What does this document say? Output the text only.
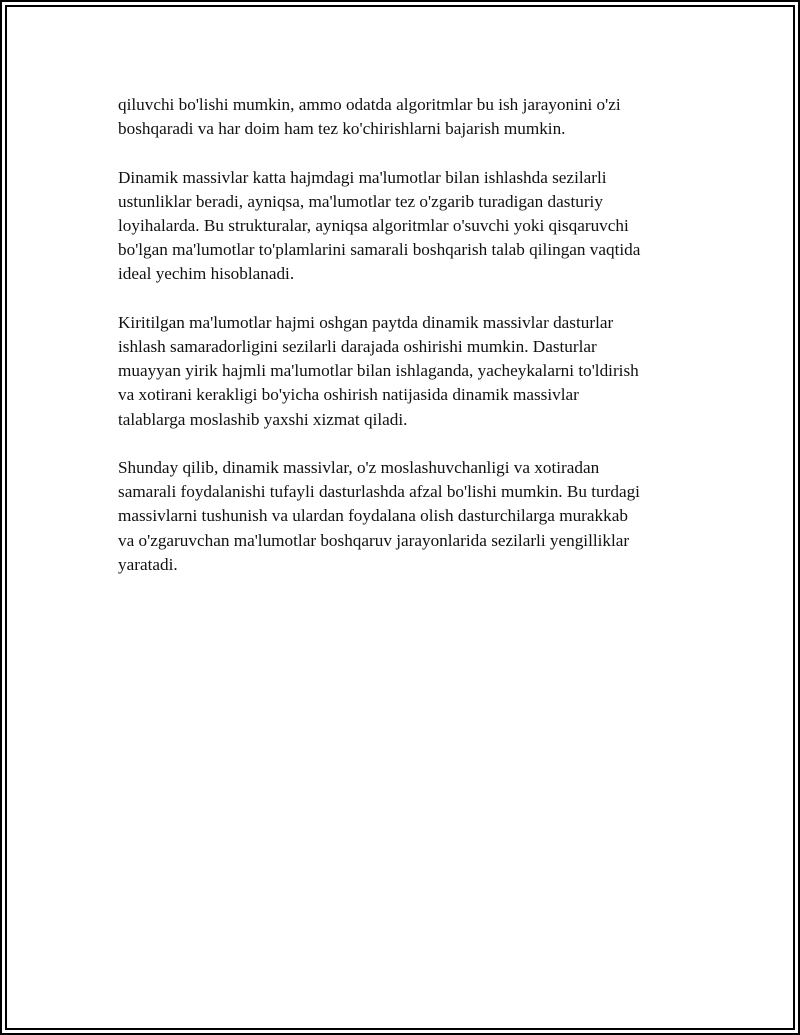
qiluvchi bo'lishi mumkin, ammo odatda algoritmlar bu ish jarayonini o'zi
boshqaradi va har doim ham tez ko'chirishlarni bajarish mumkin.

Dinamik massivlar katta hajmdagi ma'lumotlar bilan ishlashda sezilarli
ustunliklar beradi, ayniqsa, ma'lumotlar tez o'zgarib turadigan dasturiy
loyihalarda. Bu strukturalar, ayniqsa algoritmlar o'suvchi yoki qisqaruvchi
bo'lgan ma'lumotlar to'plamlarini samarali boshqarish talab qilingan vaqtida
ideal yechim hisoblanadi.

Kiritilgan ma'lumotlar hajmi oshgan paytda dinamik massivlar dasturlar
ishlash samaradorligini sezilarli darajada oshirishi mumkin. Dasturlar
muayyan yirik hajmli ma'lumotlar bilan ishlaganda, yacheykalarni to'ldirish
va xotirani kerakligi bo'yicha oshirish natijasida dinamik massivlar
talablarga moslashib yaxshi xizmat qiladi.

Shunday qilib, dinamik massivlar, o'z moslashuvchanligi va xotiradan
samarali foydalanishi tufayli dasturlashda afzal bo'lishi mumkin. Bu turdagi
massivlarni tushunish va ulardan foydalana olish dasturchilarga murakkab
va o'zgaruvchan ma'lumotlar boshqaruv jarayonlarida sezilarli yengilliklar
yaratadi.
